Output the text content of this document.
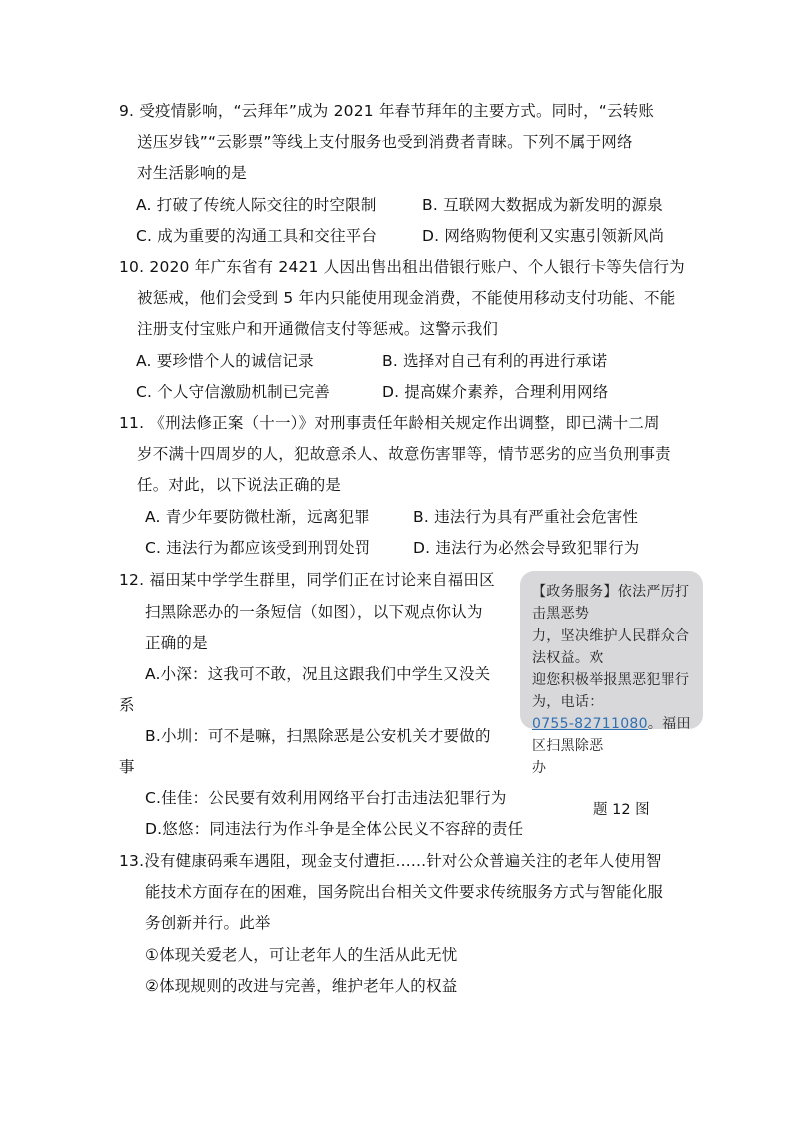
9. 受疫情影响，“云拜年”成为 2021 年春节拜年的主要方式。同时，“云转账
送压岁钱”“云影票”等线上支付服务也受到消费者青睐。下列不属于网络
对生活影响的是
A. 打破了传统人际交往的时空限制	B. 互联网大数据成为新发明的源泉
C. 成为重要的沟通工具和交往平台	D. 网络购物便利又实惠引领新风尚
10. 2020 年广东省有 2421 人因出售出租出借银行账户、个人银行卡等失信行为
被惩戒，他们会受到 5 年内只能使用现金消费，不能使用移动支付功能、不能
注册支付宝账户和开通微信支付等惩戒。这警示我们
A. 要珍惜个人的诚信记录	B. 选择对自己有利的再进行承诺
C. 个人守信激励机制已完善	D. 提高媒介素养，合理利用网络
11. 《刑法修正案（十一）》对刑事责任年龄相关规定作出调整，即已满十二周
岁不满十四周岁的人，犯故意杀人、故意伤害罪等，情节恶劣的应当负刑事责
任。对此，以下说法正确的是
A. 青少年要防微杜渐，远离犯罪	B. 违法行为具有严重社会危害性
C. 违法行为都应该受到刑罚处罚	D. 违法行为必然会导致犯罪行为
12. 福田某中学学生群里，同学们正在讨论来自福田区
扫黑除恶办的一条短信（如图），以下观点你认为
正确的是
A.小深：这我可不敢，况且这跟我们中学生又没关
系
B.小圳：可不是嘛，扫黑除恶是公安机关才要做的
事
C.佳佳：公民要有效利用网络平台打击违法犯罪行为
D.悠悠：同违法行为作斗争是全体公民义不容辞的责任
【政务服务】依法严厉打击黑恶势
力，坚决维护人民群众合法权益。欢
迎您积极举报黑恶犯罪行为，电话：
0755-82711080。福田区扫黑除恶
办
题 12 图
13.没有健康码乘车遇阻，现金支付遭拒......针对公众普遍关注的老年人使用智
能技术方面存在的困难，国务院出台相关文件要求传统服务方式与智能化服
务创新并行。此举
①体现关爱老人，可让老年人的生活从此无忧
②体现规则的改进与完善，维护老年人的权益
